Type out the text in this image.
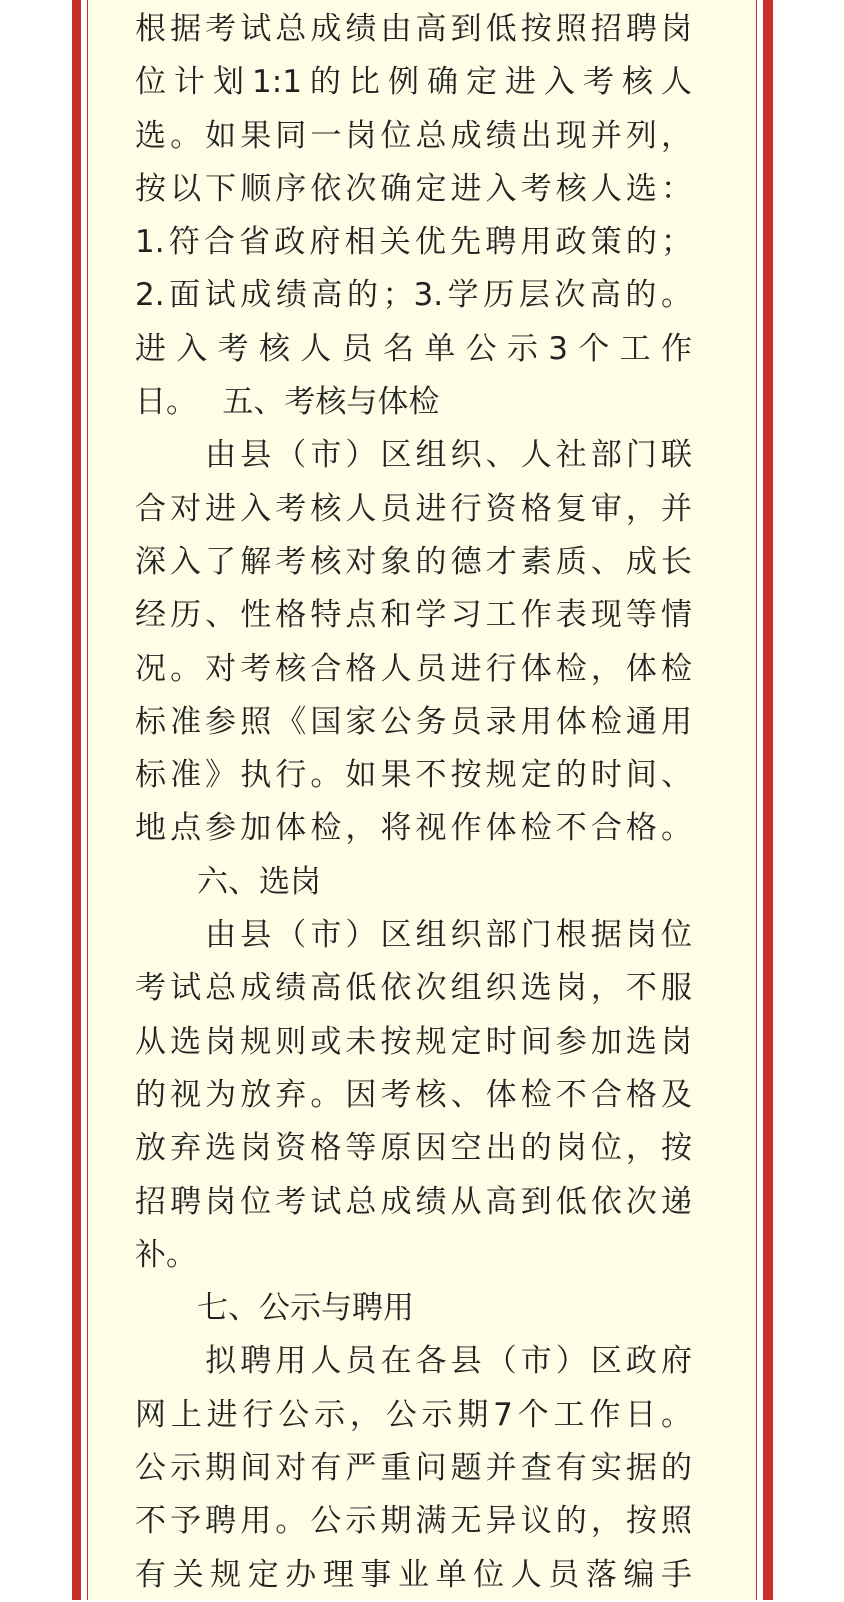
根据考试总成绩由高到低按照招聘岗
位计划1:1的比例确定进入考核人
选。如果同一岗位总成绩出现并列，
按以下顺序依次确定进入考核人选：
1.符合省政府相关优先聘用政策的；
2.面试成绩高的；3.学历层次高的。
进入考核人员名单公示3个工作
日。　 五、考核与体检
　　由县（市）区组织、人社部门联
合对进入考核人员进行资格复审，并
深入了解考核对象的德才素质、成长
经历、性格特点和学习工作表现等情
况。对考核合格人员进行体检，体检
标准参照《国家公务员录用体检通用
标准》执行。如果不按规定的时间、
地点参加体检，将视作体检不合格。
　　六、选岗
　　由县（市）区组织部门根据岗位
考试总成绩高低依次组织选岗，不服
从选岗规则或未按规定时间参加选岗
的视为放弃。因考核、体检不合格及
放弃选岗资格等原因空出的岗位，按
招聘岗位考试总成绩从高到低依次递
补。
　　七、公示与聘用
　　拟聘用人员在各县（市）区政府
网上进行公示，公示期7个工作日。
公示期间对有严重问题并查有实据的
不予聘用。公示期满无异议的，按照
有关规定办理事业单位人员落编手
